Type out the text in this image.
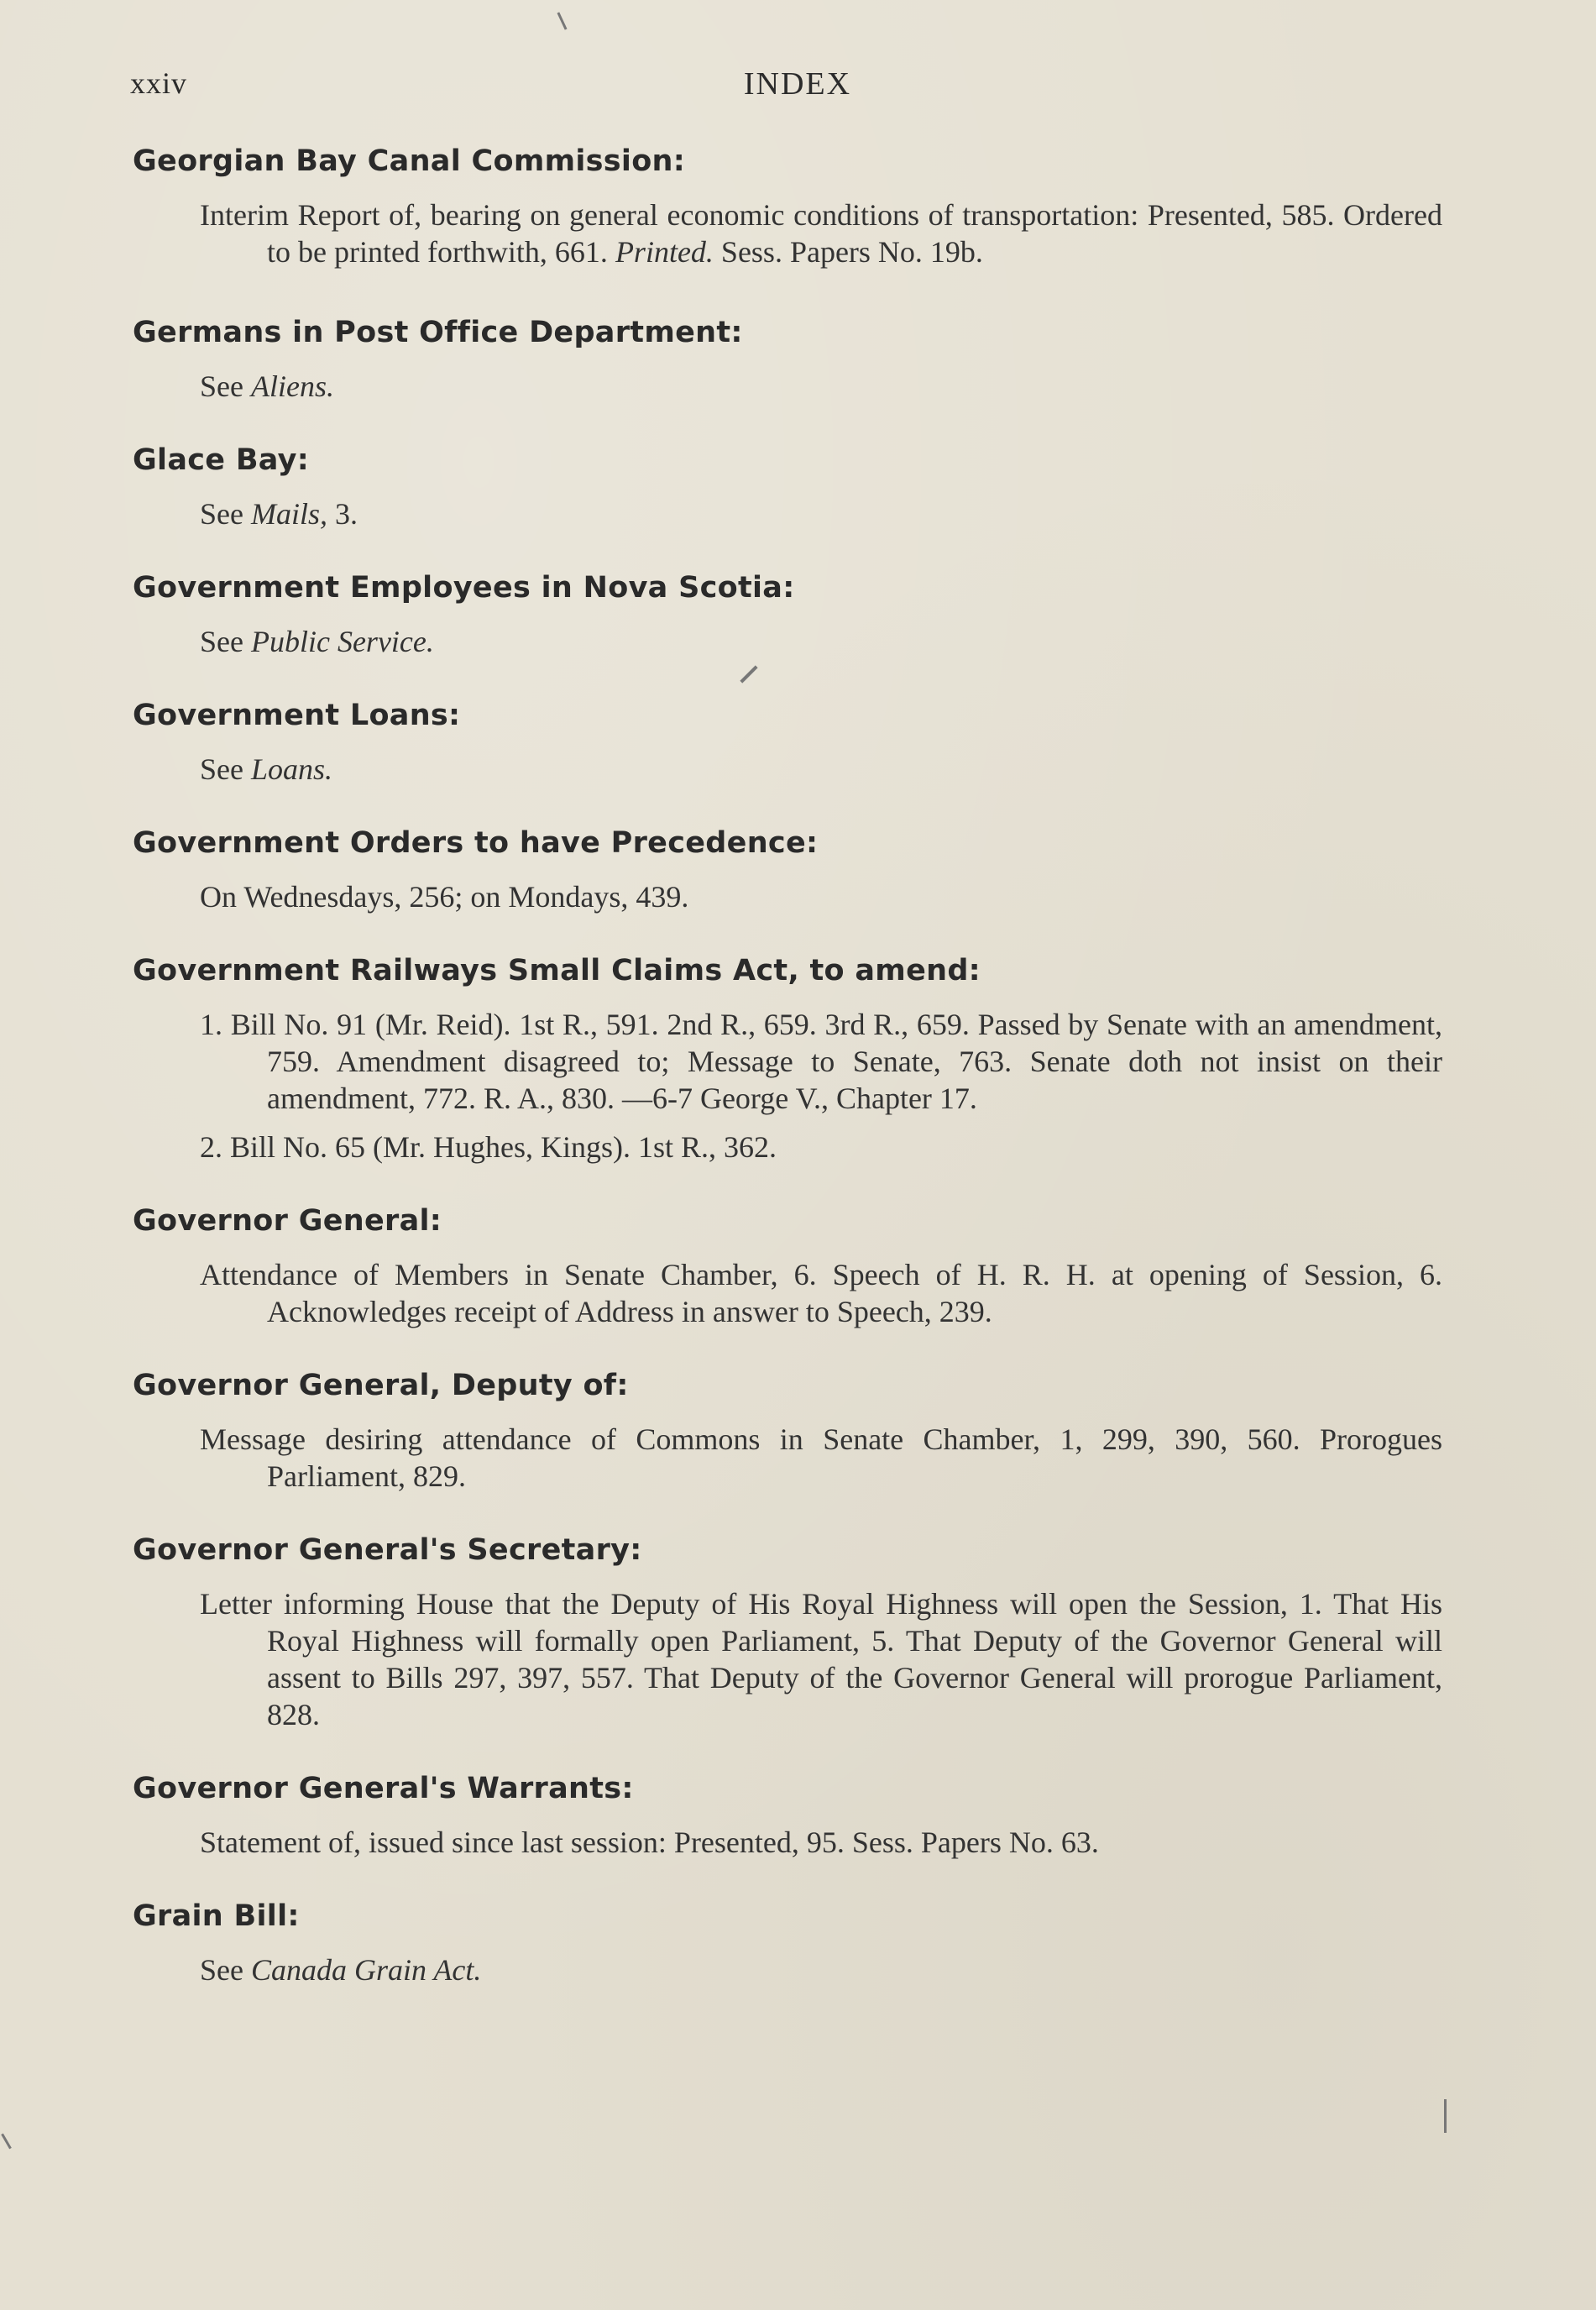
xxiv	INDEX

Georgian Bay Canal Commission:

Interim Report of, bearing on general economic conditions of transportation: Presented, 585. Ordered to be printed forthwith, 661. Printed. Sess. Papers No. 19b.

Germans in Post Office Department:

See Aliens.

Glace Bay:

See Mails, 3.

Government Employees in Nova Scotia:

See Public Service.

Government Loans:

See Loans.

Government Orders to have Precedence:

On Wednesdays, 256; on Mondays, 439.

Government Railways Small Claims Act, to amend:

1. Bill No. 91 (Mr. Reid). 1st R., 591. 2nd R., 659. 3rd R., 659. Passed by Senate with an amendment, 759. Amendment disagreed to; Message to Senate, 763. Senate doth not insist on their amendment, 772. R. A., 830. —6-7 George V., Chapter 17.

2. Bill No. 65 (Mr. Hughes, Kings). 1st R., 362.

Governor General:

Attendance of Members in Senate Chamber, 6. Speech of H. R. H. at opening of Session, 6. Acknowledges receipt of Address in answer to Speech, 239.

Governor General, Deputy of:

Message desiring attendance of Commons in Senate Chamber, 1, 299, 390, 560. Prorogues Parliament, 829.

Governor General's Secretary:

Letter informing House that the Deputy of His Royal Highness will open the Session, 1. That His Royal Highness will formally open Parliament, 5. That Deputy of the Governor General will assent to Bills 297, 397, 557. That Deputy of the Governor General will prorogue Parliament, 828.

Governor General's Warrants:

Statement of, issued since last session: Presented, 95. Sess. Papers No. 63.

Grain Bill:

See Canada Grain Act.
